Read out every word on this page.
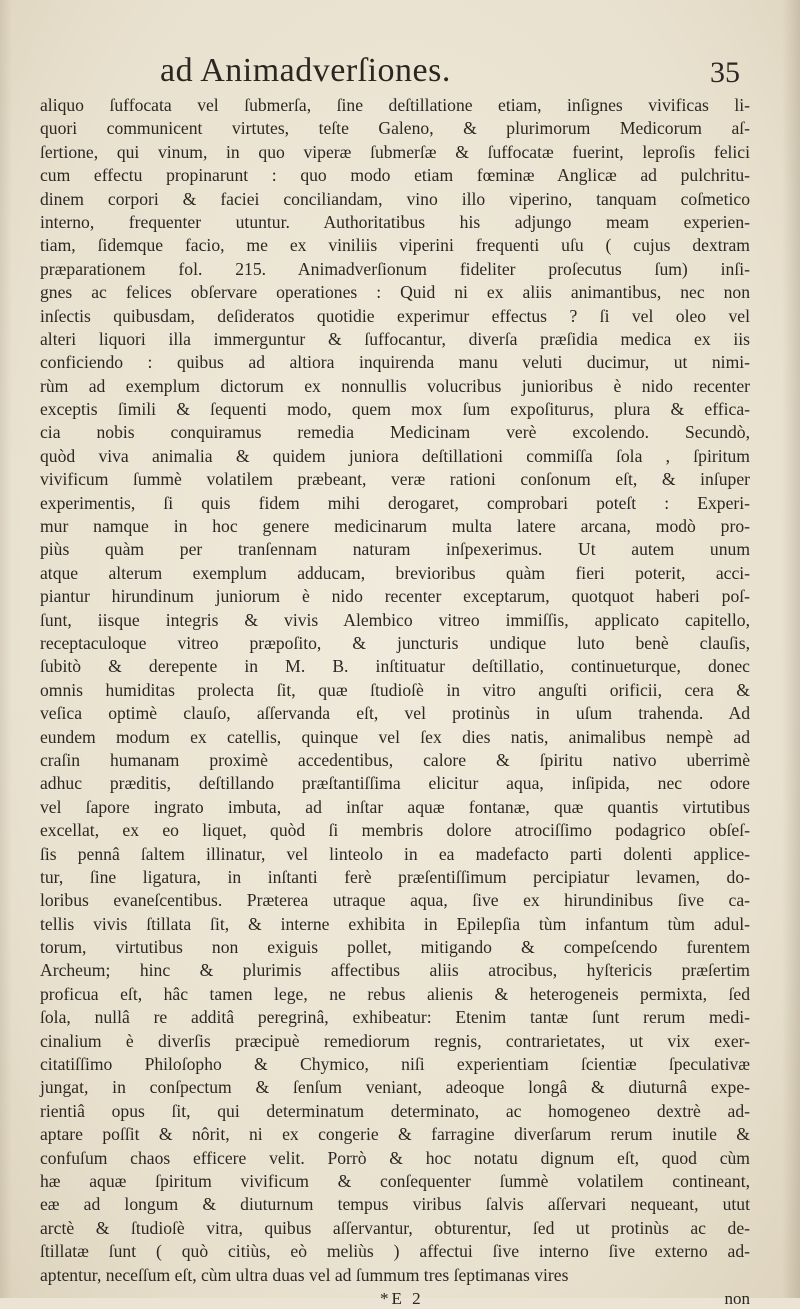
ad Animadverſiones.	35
aliquo ſuffocata vel ſubmerſa, ſine deſtillatione etiam, inſignes vivificas li-
quori communicent virtutes, teſte Galeno, & plurimorum Medicorum aſ-
ſertione, qui vinum, in quo viperæ ſubmerſæ & ſuffocatæ fuerint, leproſis felici
cum effectu propinarunt : quo modo etiam fœminæ Anglicæ ad pulchritu-
dinem corpori & faciei conciliandam, vino illo viperino, tanquam coſmetico
interno, frequenter utuntur. Authoritatibus his adjungo meam experien-
tiam, ſidemque facio, me ex viniliis viperini frequenti uſu ( cujus dextram
præparationem fol. 215. Animadverſionum fideliter proſecutus ſum) inſi-
gnes ac felices obſervare operationes : Quid ni ex aliis animantibus, nec non
inſectis quibusdam, deſideratos quotidie experimur effectus ? ſi vel oleo vel
alteri liquori illa immerguntur & ſuffocantur, diverſa præſidia medica ex iis
conficiendo : quibus ad altiora inquirenda manu veluti ducimur, ut nimi-
rùm ad exemplum dictorum ex nonnullis volucribus junioribus è nido recenter
exceptis ſimili & ſequenti modo, quem mox ſum expoſiturus, plura & effica-
cia nobis conquiramus remedia Medicinam verè excolendo. Secundò,
quòd viva animalia & quidem juniora deſtillationi commiſſa ſola , ſpiritum
vivificum ſummè volatilem præbeant, veræ rationi conſonum eſt, & inſuper
experimentis, ſi quis fidem mihi derogaret, comprobari poteſt : Experi-
mur namque in hoc genere medicinarum multa latere arcana, modò pro-
piùs quàm per tranſennam naturam inſpexerimus. Ut autem unum
atque alterum exemplum adducam, brevioribus quàm fieri poterit, acci-
piantur hirundinum juniorum è nido recenter exceptarum, quotquot haberi poſ-
ſunt, iisque integris & vivis Alembico vitreo immiſſis, applicato capitello,
receptaculoque vitreo præpoſito, & juncturis undique luto benè clauſis,
ſubitò & derepente in M. B. inſtituatur deſtillatio, continueturque, donec
omnis humiditas prolecta ſit, quæ ſtudioſè in vitro anguſti orificii, cera &
veſica optimè clauſo, aſſervanda eſt, vel protinùs in uſum trahenda. Ad
eundem modum ex catellis, quinque vel ſex dies natis, animalibus nempè ad
craſin humanam proximè accedentibus, calore & ſpiritu nativo uberrimè
adhuc præditis, deſtillando præſtantiſſima elicitur aqua, inſipida, nec odore
vel ſapore ingrato imbuta, ad inſtar aquæ fontanæ, quæ quantis virtutibus
excellat, ex eo liquet, quòd ſi membris dolore atrociſſimo podagrico obſeſ-
ſis pennâ ſaltem illinatur, vel linteolo in ea madefacto parti dolenti applice-
tur, ſine ligatura, in inſtanti ferè præſentiſſimum percipiatur levamen, do-
loribus evaneſcentibus. Præterea utraque aqua, ſive ex hirundinibus ſive ca-
tellis vivis ſtillata ſit, & interne exhibita in Epilepſia tùm infantum tùm adul-
torum, virtutibus non exiguis pollet, mitigando & compeſcendo furentem
Archeum; hinc & plurimis affectibus aliis atrocibus, hyſtericis præſertim
proficua eſt, hâc tamen lege, ne rebus alienis & heterogeneis permixta, ſed
ſola, nullâ re additâ peregrinâ, exhibeatur: Etenim tantæ ſunt rerum medi-
cinalium è diverſis præcipuè remediorum regnis, contrarietates, ut vix exer-
citatiſſimo Philoſopho & Chymico, niſi experientiam ſcientiæ ſpeculativæ
jungat, in conſpectum & ſenſum veniant, adeoque longâ & diuturnâ expe-
rientiâ opus ſit, qui determinatum determinato, ac homogeneo dextrè ad-
aptare poſſit & nôrit, ni ex congerie & farragine diverſarum rerum inutile &
confuſum chaos efficere velit. Porrò & hoc notatu dignum eſt, quod cùm
hæ aquæ ſpiritum vivificum & conſequenter ſummè volatilem contineant,
eæ ad longum & diuturnum tempus viribus ſalvis aſſervari nequeant, utut
arctè & ſtudioſè vitra, quibus aſſervantur, obturentur, ſed ut protinùs ac de-
ſtillatæ ſunt ( quò citiùs, eò meliùs ) affectui ſive interno ſive externo ad-
aptentur, neceſſum eſt, cùm ultra duas vel ad ſummum tres ſeptimanas vires
*E 2	non
